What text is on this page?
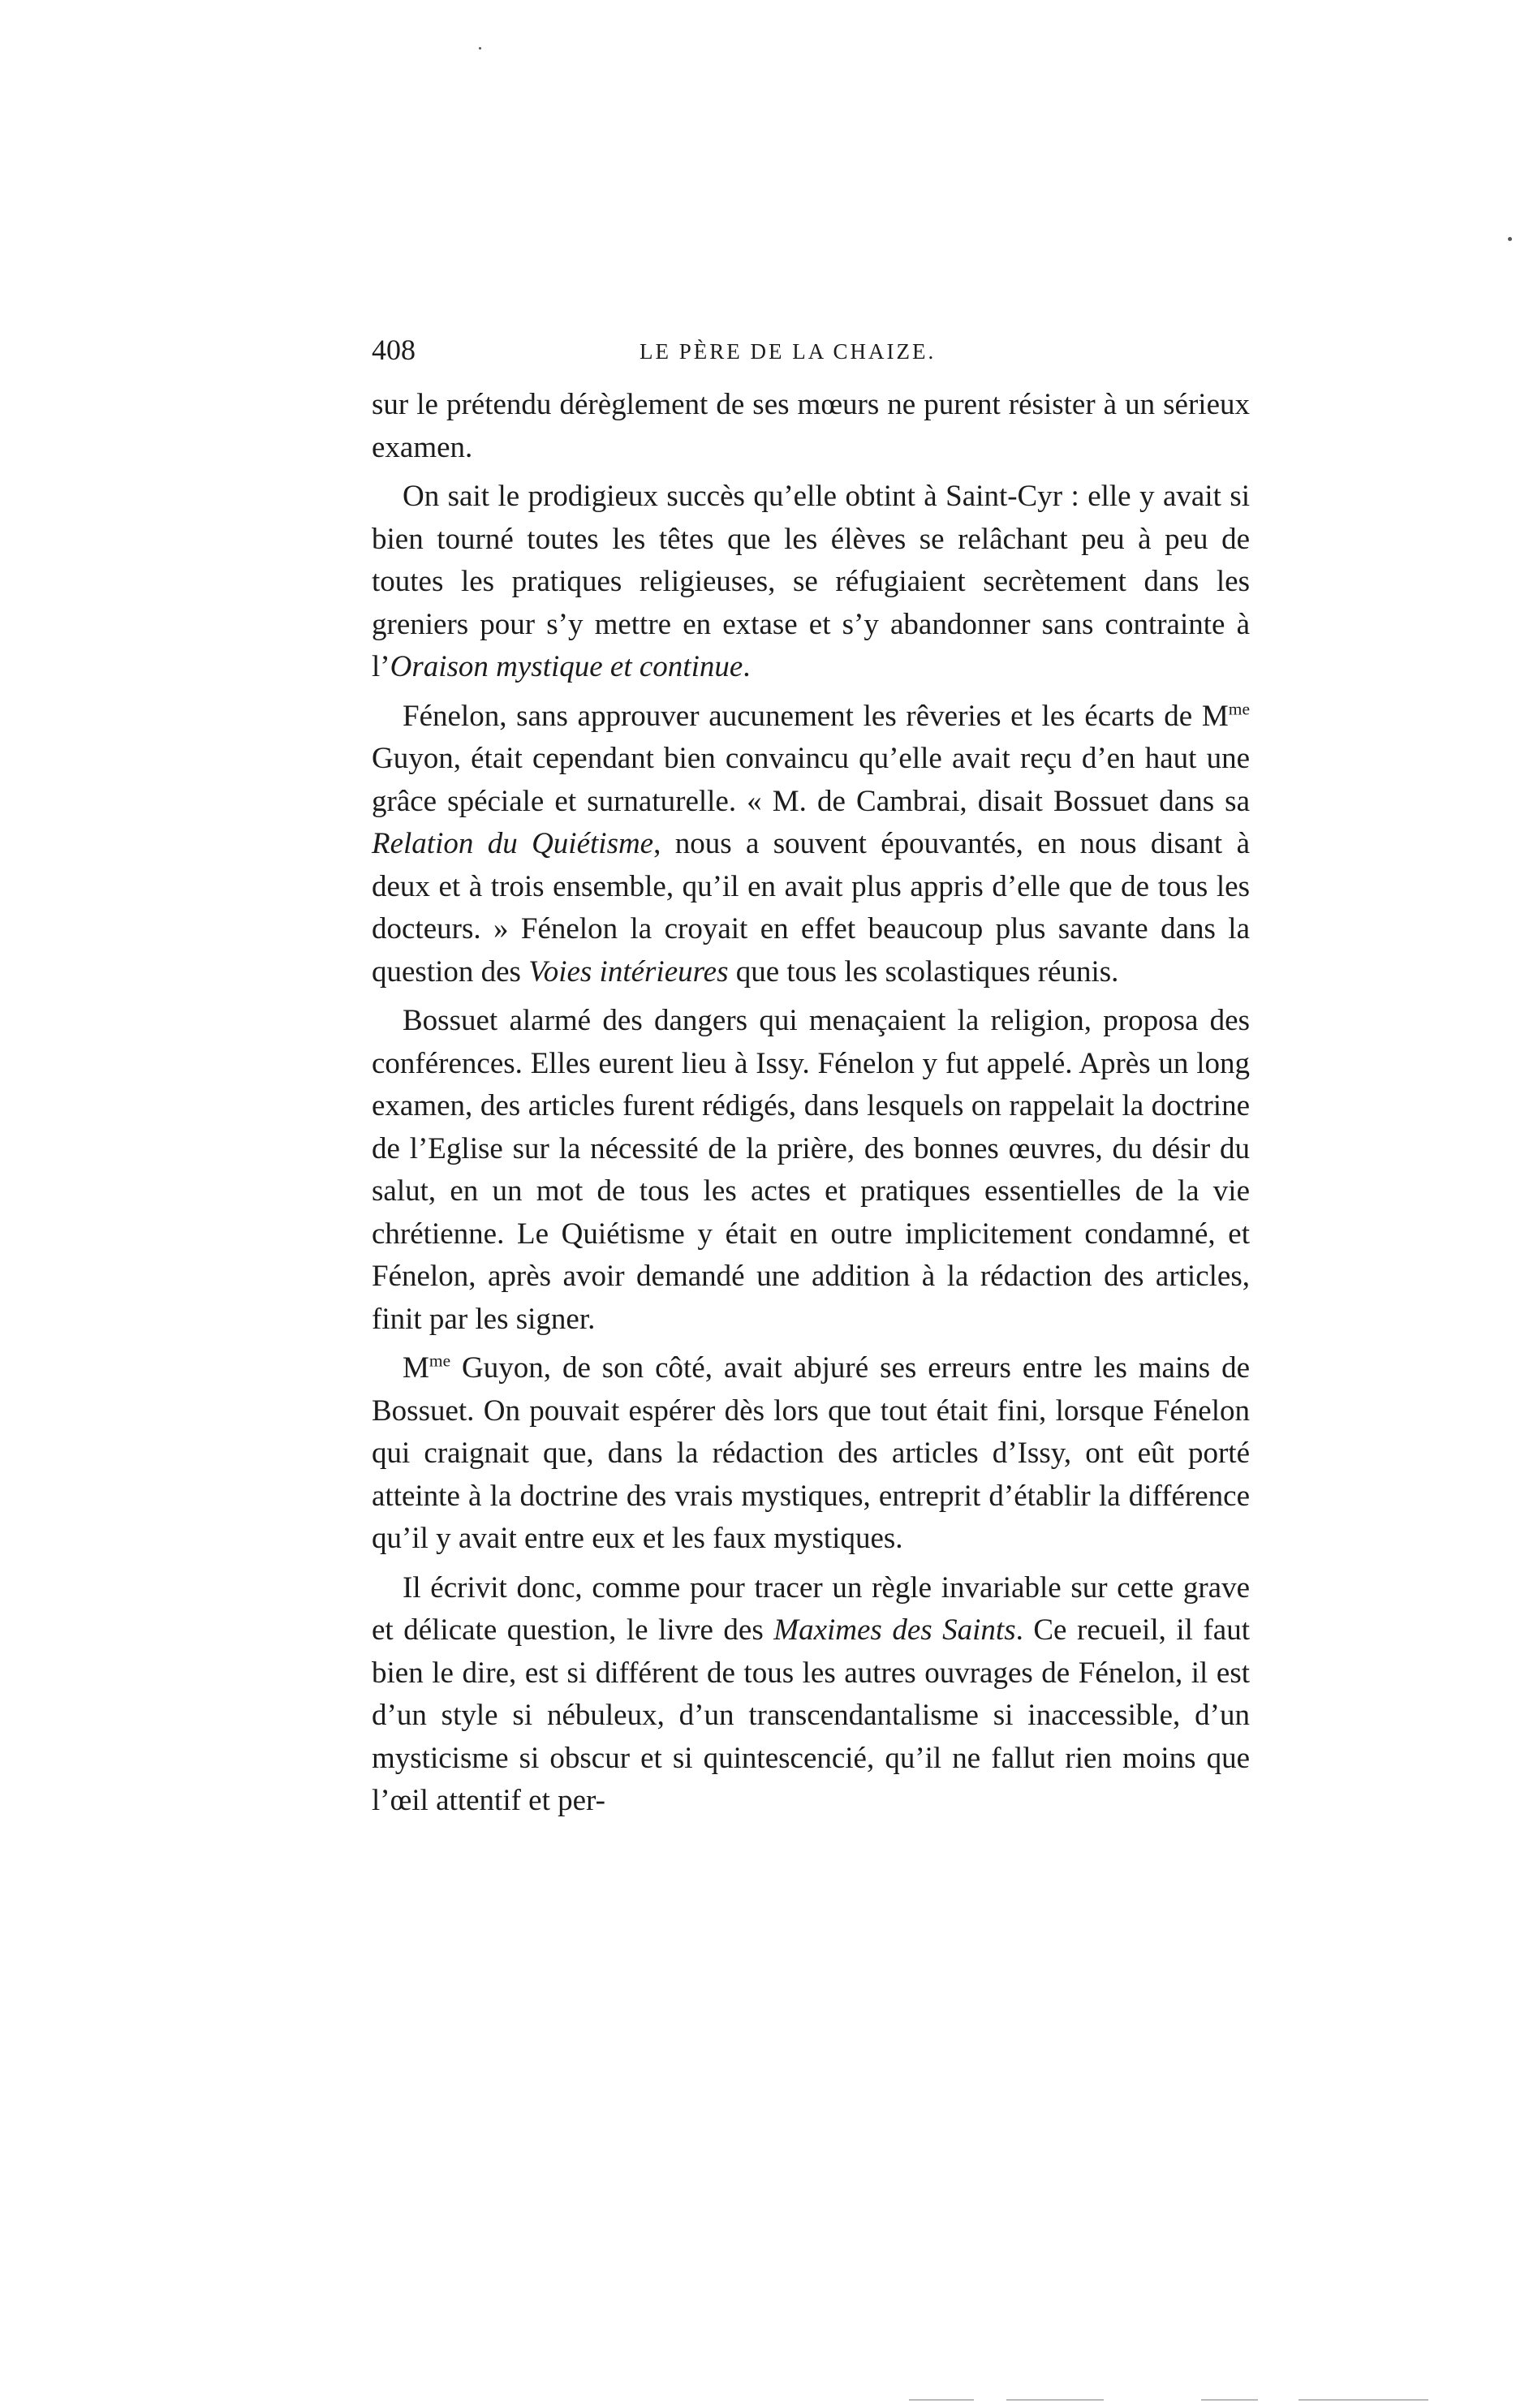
408	LE PÈRE DE LA CHAIZE.

sur le prétendu dérèglement de ses mœurs ne purent résister à un sérieux examen.

On sait le prodigieux succès qu’elle obtint à Saint-Cyr : elle y avait si bien tourné toutes les têtes que les élèves se relâchant peu à peu de toutes les pratiques religieuses, se réfugiaient secrètement dans les greniers pour s’y mettre en extase et s’y abandonner sans contrainte à l’Oraison mystique et continue.

Fénelon, sans approuver aucunement les rêveries et les écarts de $M^{me}$ Guyon, était cependant bien convaincu qu’elle avait reçu d’en haut une grâce spéciale et surnaturelle. « M. de Cambrai, disait Bossuet dans sa Relation du Quiétisme, nous a souvent épouvantés, en nous disant à deux et à trois ensemble, qu’il en avait plus appris d’elle que de tous les docteurs. » Fénelon la croyait en effet beaucoup plus savante dans la question des Voies intérieures que tous les scolastiques réunis.

Bossuet alarmé des dangers qui menaçaient la religion, proposa des conférences. Elles eurent lieu à Issy. Fénelon y fut appelé. Après un long examen, des articles furent rédigés, dans lesquels on rappelait la doctrine de l’Eglise sur la nécessité de la prière, des bonnes œuvres, du désir du salut, en un mot de tous les actes et pratiques essentielles de la vie chrétienne. Le Quiétisme y était en outre implicitement condamné, et Fénelon, après avoir demandé une addition à la rédaction des articles, finit par les signer.

$M^{me}$ Guyon, de son côté, avait abjuré ses erreurs entre les mains de Bossuet. On pouvait espérer dès lors que tout était fini, lorsque Fénelon qui craignait que, dans la rédaction des articles d’Issy, ont eût porté atteinte à la doctrine des vrais mystiques, entreprit d’établir la différence qu’il y avait entre eux et les faux mystiques.

Il écrivit donc, comme pour tracer un règle invariable sur cette grave et délicate question, le livre des Maximes des Saints. Ce recueil, il faut bien le dire, est si différent de tous les autres ouvrages de Fénelon, il est d’un style si nébuleux, d’un transcendantalisme si inaccessible, d’un mysticisme si obscur et si quintescencié, qu’il ne fallut rien moins que l’œil attentif et per-
